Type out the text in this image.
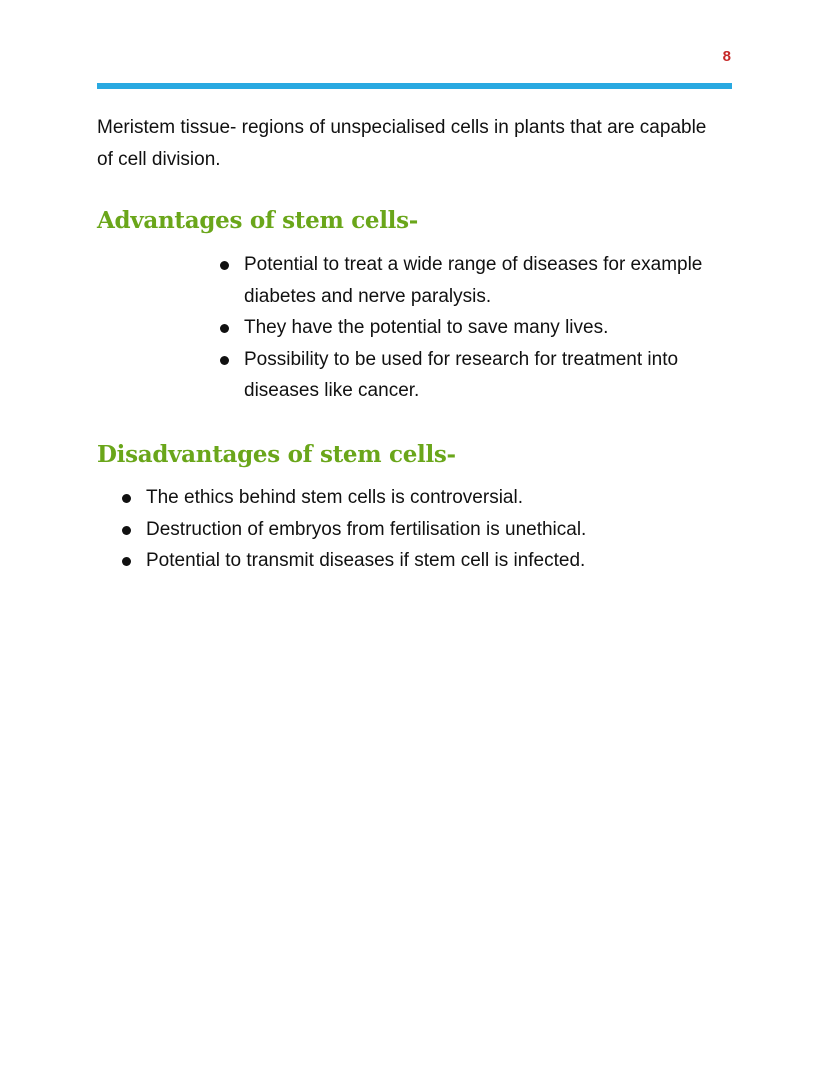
8

Meristem tissue- regions of unspecialised cells in plants that are capable of cell division.

Advantages of stem cells-
Potential to treat a wide range of diseases for example diabetes and nerve paralysis.
They have the potential to save many lives.
Possibility to be used for research for treatment into diseases like cancer.
Disadvantages of stem cells-
The ethics behind stem cells is controversial.
Destruction of embryos from fertilisation is unethical.
Potential to transmit diseases if stem cell is infected.
